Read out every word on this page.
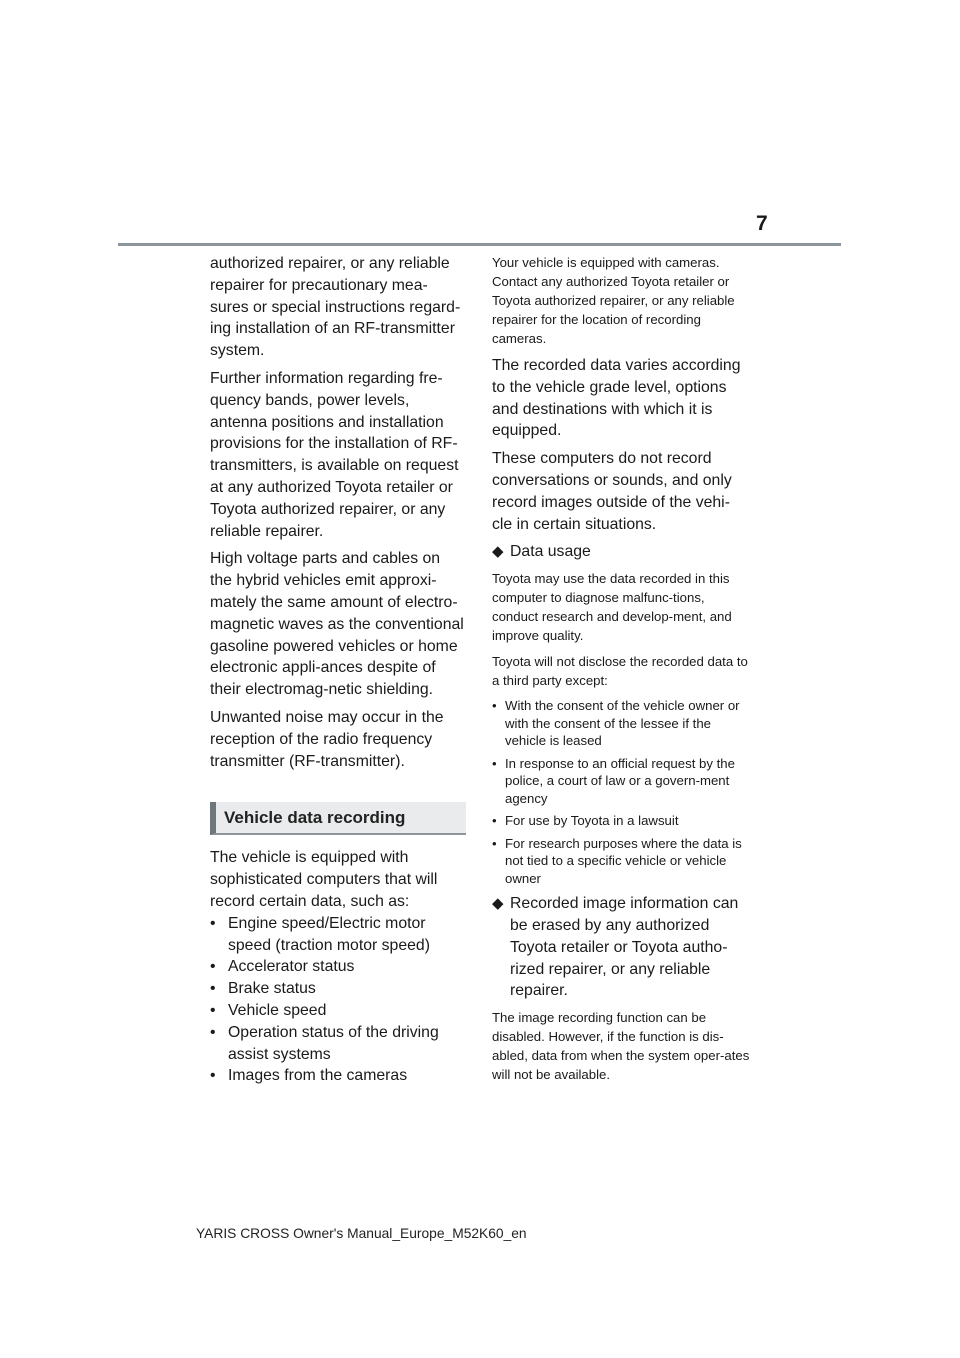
7

authorized repairer, or any reliable repairer for precautionary mea-sures or special instructions regard-ing installation of an RF-transmitter system.

Further information regarding fre-quency bands, power levels, antenna positions and installation provisions for the installation of RF-transmitters, is available on request at any authorized Toyota retailer or Toyota authorized repairer, or any reliable repairer.

High voltage parts and cables on the hybrid vehicles emit approxi-mately the same amount of electro-magnetic waves as the conventional gasoline powered vehicles or home electronic appli-ances despite of their electromag-netic shielding.

Unwanted noise may occur in the reception of the radio frequency transmitter (RF-transmitter).

Vehicle data recording

The vehicle is equipped with sophisticated computers that will record certain data, such as:

• Engine speed/Electric motor speed (traction motor speed)
• Accelerator status
• Brake status
• Vehicle speed
• Operation status of the driving assist systems
• Images from the cameras

Your vehicle is equipped with cameras. Contact any authorized Toyota retailer or Toyota authorized repairer, or any reliable repairer for the location of recording cameras.

The recorded data varies according to the vehicle grade level, options and destinations with which it is equipped.

These computers do not record conversations or sounds, and only record images outside of the vehi-cle in certain situations.

◆ Data usage

Toyota may use the data recorded in this computer to diagnose malfunc-tions, conduct research and develop-ment, and improve quality.

Toyota will not disclose the recorded data to a third party except:

• With the consent of the vehicle owner or with the consent of the lessee if the vehicle is leased
• In response to an official request by the police, a court of law or a govern-ment agency
• For use by Toyota in a lawsuit
• For research purposes where the data is not tied to a specific vehicle or vehicle owner
◆ Recorded image information can be erased by any authorized Toyota retailer or Toyota autho-rized repairer, or any reliable repairer.

The image recording function can be disabled. However, if the function is dis-abled, data from when the system oper-ates will not be available.

YARIS CROSS Owner's Manual_Europe_M52K60_en
